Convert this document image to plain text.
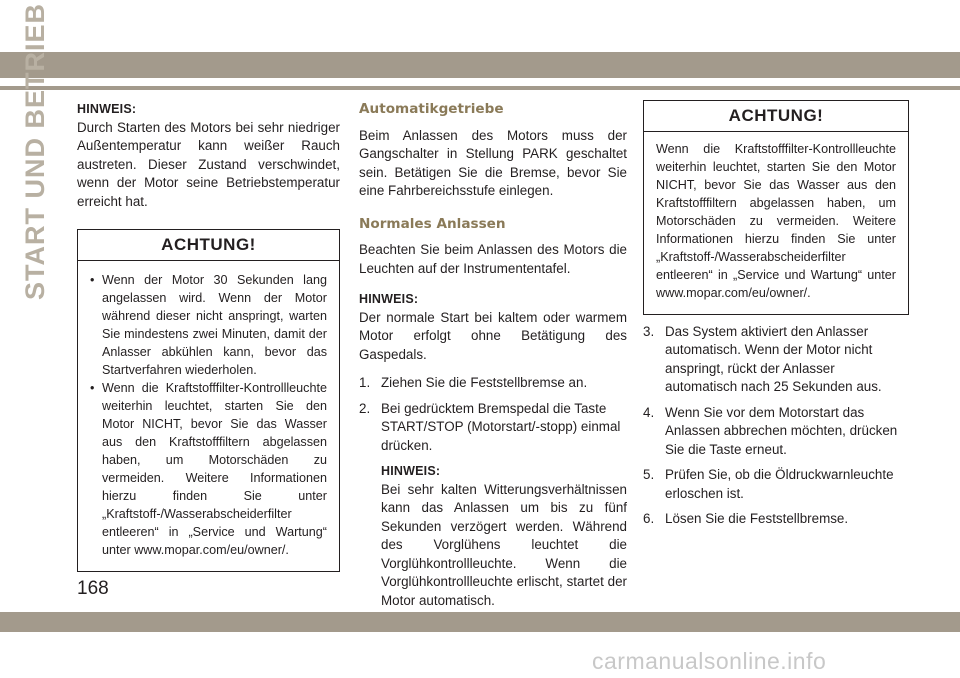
START UND BETRIEB HINWEIS:
Durch Starten des Motors bei sehr niedriger Außentemperatur kann weißer Rauch austreten. Dieser Zustand verschwindet, wenn der Motor seine Betriebstemperatur erreicht hat.
ACHTUNG!
• Wenn der Motor 30 Sekunden lang angelassen wird. Wenn der Motor während dieser nicht anspringt, warten Sie mindestens zwei Minuten, damit der Anlasser abkühlen kann, bevor das Startverfahren wiederholen.
• Wenn die Kraftstofffilter-Kontrollleuchte weiterhin leuchtet, starten Sie den Motor NICHT, bevor Sie das Wasser aus den Kraftstofffiltern abgelassen haben, um Motorschäden zu vermeiden. Weitere Informationen hierzu finden Sie unter „Kraftstoff-/Wasserabscheiderfilter entleeren“ in „Service und Wartung“ unter www.mopar.com/eu/owner/.
Automatikgetriebe
Beim Anlassen des Motors muss der Gangschalter in Stellung PARK geschaltet sein. Betätigen Sie die Bremse, bevor Sie eine Fahrbereichsstufe einlegen.
Normales Anlassen
Beachten Sie beim Anlassen des Motors die Leuchten auf der Instrumententafel.
HINWEIS:
Der normale Start bei kaltem oder warmem Motor erfolgt ohne Betätigung des Gaspedals.
1. Ziehen Sie die Feststellbremse an.
2. Bei gedrücktem Bremspedal die Taste START/STOP (Motorstart/-stopp) einmal drücken.
HINWEIS:
Bei sehr kalten Witterungsverhältnissen kann das Anlassen um bis zu fünf Sekunden verzögert werden. Während des Vorglühens leuchtet die Vorglühkontrollleuchte. Wenn die Vorglühkontrollleuchte erlischt, startet der Motor automatisch.
ACHTUNG!
Wenn die Kraftstofffilter-Kontrollleuchte weiterhin leuchtet, starten Sie den Motor NICHT, bevor Sie das Wasser aus den Kraftstofffiltern abgelassen haben, um Motorschäden zu vermeiden. Weitere Informationen hierzu finden Sie unter „Kraftstoff-/Wasserabscheiderfilter entleeren“ in „Service und Wartung“ unter www.mopar.com/eu/owner/.
3. Das System aktiviert den Anlasser automatisch. Wenn der Motor nicht anspringt, rückt der Anlasser automatisch nach 25 Sekunden aus.
4. Wenn Sie vor dem Motorstart das Anlassen abbrechen möchten, drücken Sie die Taste erneut.
5. Prüfen Sie, ob die Öldruckwarnleuchte erloschen ist.
6. Lösen Sie die Feststellbremse.
168
carmanualsonline.info
